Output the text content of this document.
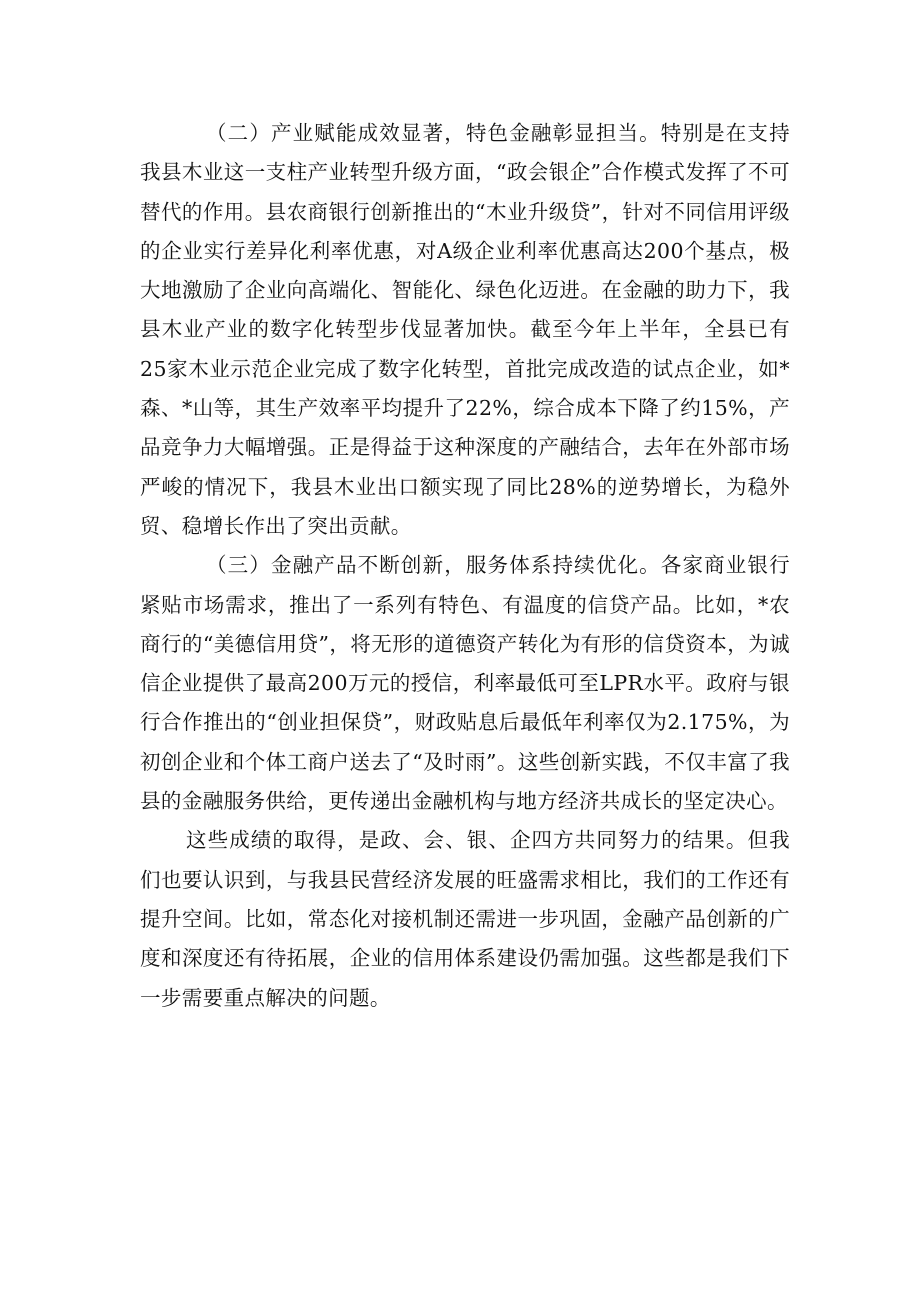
（二）产业赋能成效显著，特色金融彰显担当。特别是在支持我县木业这一支柱产业转型升级方面，“政会银企”合作模式发挥了不可替代的作用。县农商银行创新推出的“木业升级贷”，针对不同信用评级的企业实行差异化利率优惠，对A级企业利率优惠高达200个基点，极大地激励了企业向高端化、智能化、绿色化迈进。在金融的助力下，我县木业产业的数字化转型步伐显著加快。截至今年上半年，全县已有25家木业示范企业完成了数字化转型，首批完成改造的试点企业，如*森、*山等，其生产效率平均提升了22%，综合成本下降了约15%，产品竞争力大幅增强。正是得益于这种深度的产融结合，去年在外部市场严峻的情况下，我县木业出口额实现了同比28%的逆势增长，为稳外贸、稳增长作出了突出贡献。

（三）金融产品不断创新，服务体系持续优化。各家商业银行紧贴市场需求，推出了一系列有特色、有温度的信贷产品。比如，*农商行的“美德信用贷”，将无形的道德资产转化为有形的信贷资本，为诚信企业提供了最高200万元的授信，利率最低可至LPR水平。政府与银行合作推出的“创业担保贷”，财政贴息后最低年利率仅为2.175%，为初创企业和个体工商户送去了“及时雨”。这些创新实践，不仅丰富了我县的金融服务供给，更传递出金融机构与地方经济共成长的坚定决心。

这些成绩的取得，是政、会、银、企四方共同努力的结果。但我们也要认识到，与我县民营经济发展的旺盛需求相比，我们的工作还有提升空间。比如，常态化对接机制还需进一步巩固，金融产品创新的广度和深度还有待拓展，企业的信用体系建设仍需加强。这些都是我们下一步需要重点解决的问题。
